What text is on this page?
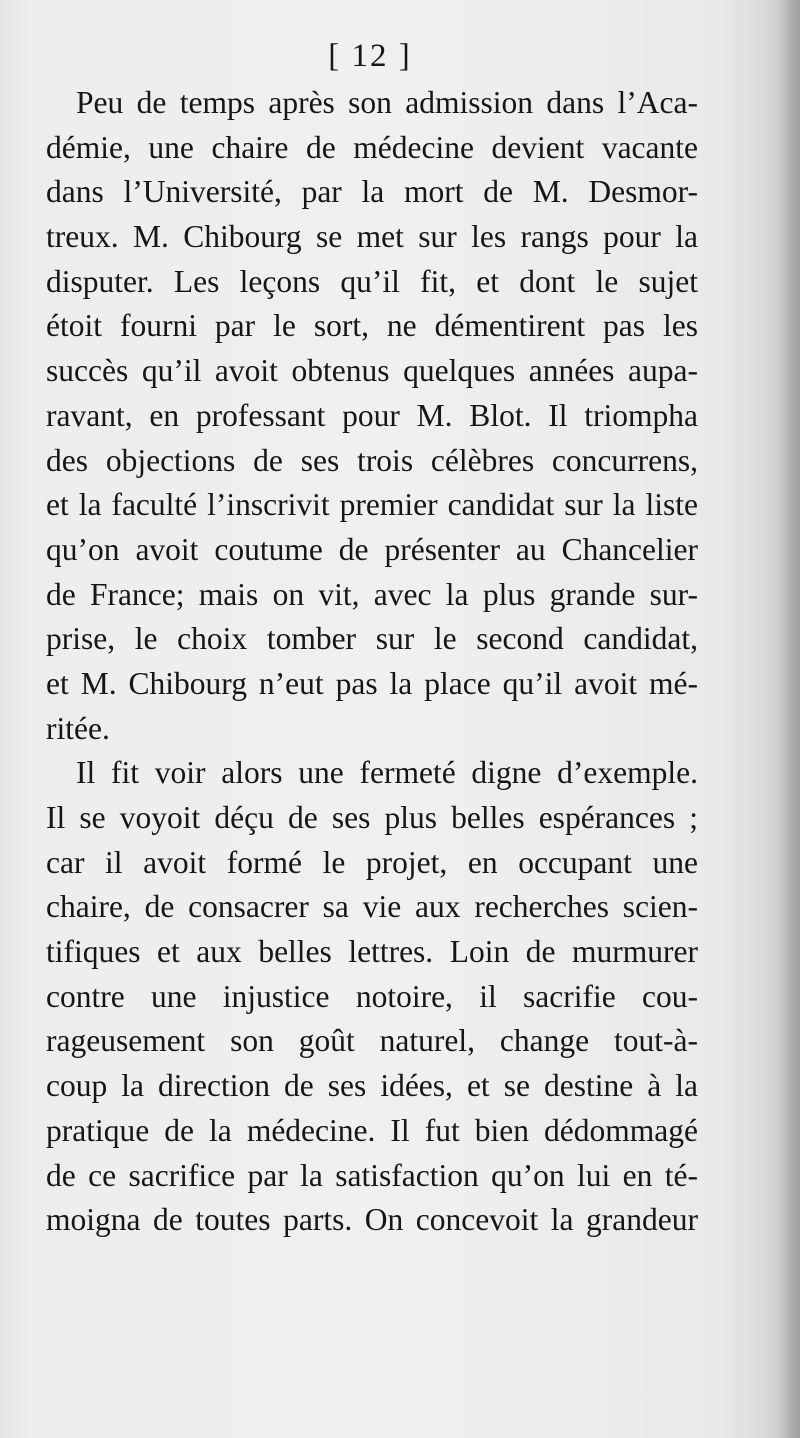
[ 12 ]
Peu de temps après son admission dans l’Aca-
démie, une chaire de médecine devient vacante
dans l’Université, par la mort de M. Desmor-
treux. M. Chibourg se met sur les rangs pour la
disputer. Les leçons qu’il fit, et dont le sujet
étoit fourni par le sort, ne démentirent pas les
succès qu’il avoit obtenus quelques années aupa-
ravant, en professant pour M. Blot. Il triompha
des objections de ses trois célèbres concurrens,
et la faculté l’inscrivit premier candidat sur la liste
qu’on avoit coutume de présenter au Chancelier
de France; mais on vit, avec la plus grande sur-
prise, le choix tomber sur le second candidat,
et M. Chibourg n’eut pas la place qu’il avoit mé-
ritée.
Il fit voir alors une fermeté digne d’exemple.
Il se voyoit déçu de ses plus belles espérances ;
car il avoit formé le projet, en occupant une
chaire, de consacrer sa vie aux recherches scien-
tifiques et aux belles lettres. Loin de murmurer
contre une injustice notoire, il sacrifie cou-
rageusement son goût naturel, change tout-à-
coup la direction de ses idées, et se destine à la
pratique de la médecine. Il fut bien dédommagé
de ce sacrifice par la satisfaction qu’on lui en té-
moigna de toutes parts. On concevoit la grandeur
